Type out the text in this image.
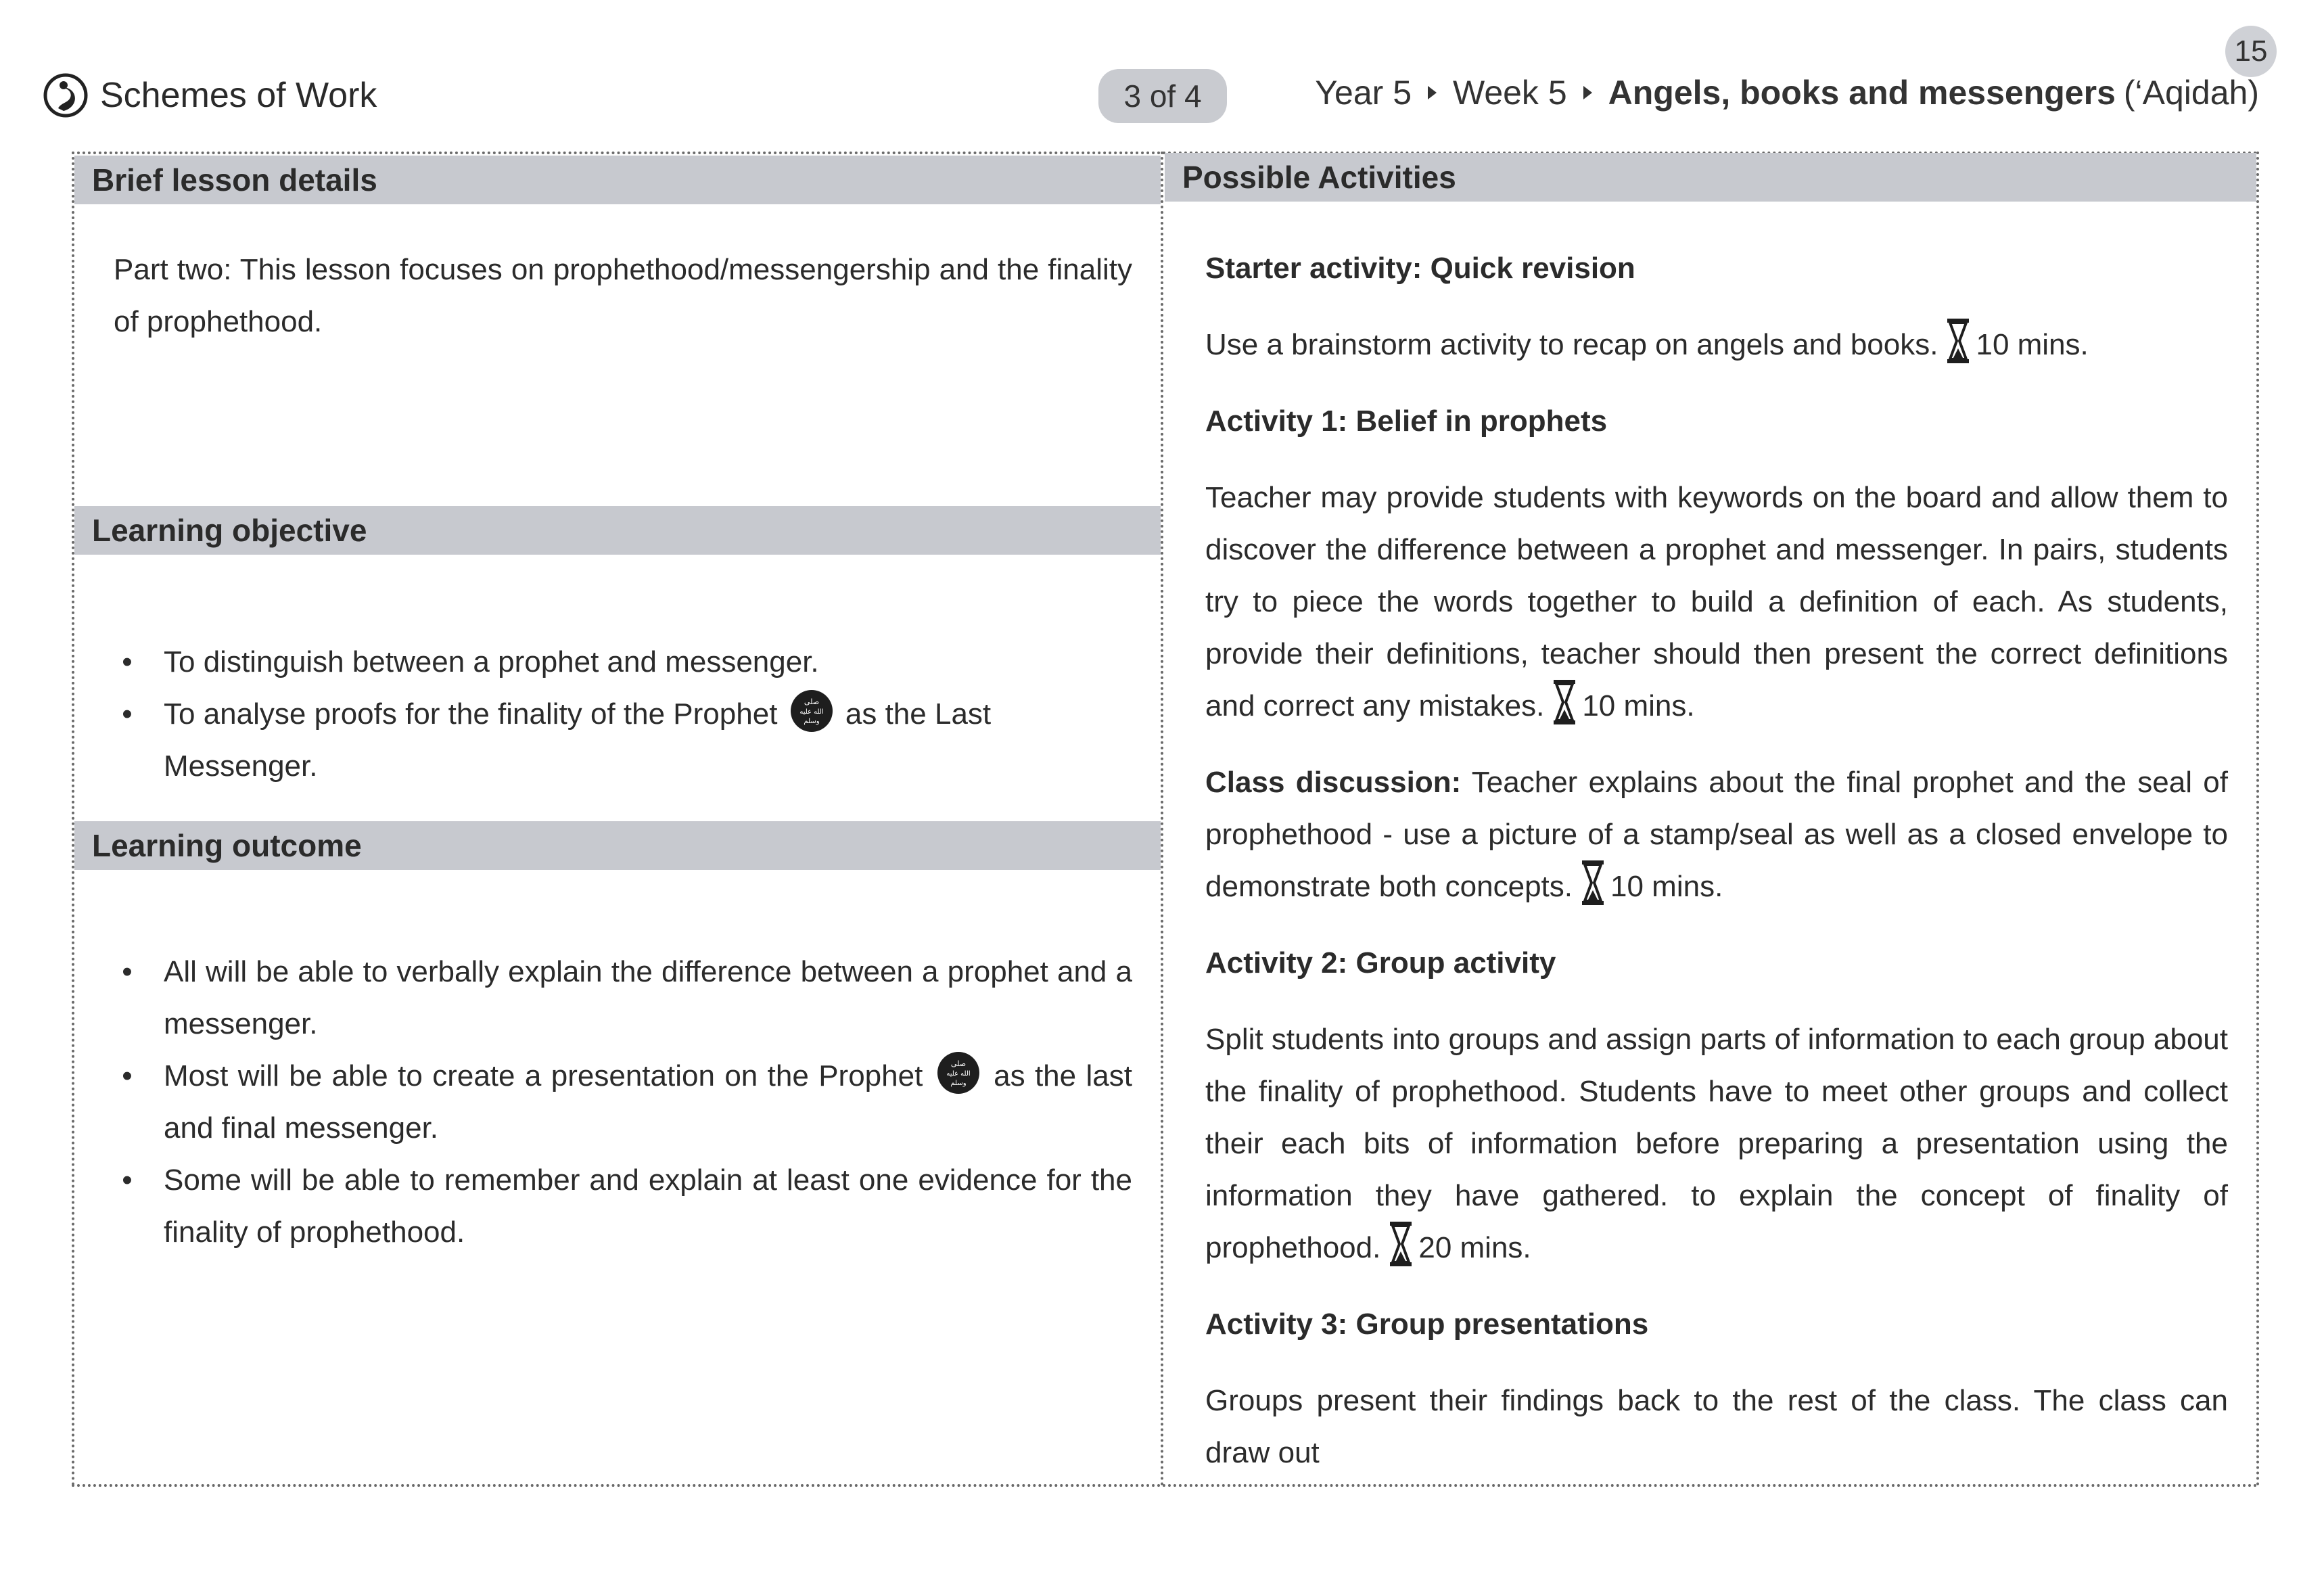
15
Schemes of Work	3 of 4	Year 5 Week 5 Angels, books and messengers (‘Aqidah)
Brief lesson details
Part two: This lesson focuses on prophethood/messengership and the finality of prophethood.
Learning objective
• To distinguish between a prophet and messenger.
• To analyse proofs for the finality of the Prophet	صلى
الله عليه
وسلم as the Last Messenger.
Learning outcome
• All will be able to verbally explain the difference between a prophet and a messenger.
• Most will be able to create a presentation on the Prophet	صلى
الله عليه
وسلم as the last and final messenger.
• Some will be able to remember and explain at least one evidence for the finality of prophethood.
Possible Activities

Starter activity: Quick revision

Use a brainstorm activity to recap on angels and books. 10 mins.

Activity 1: Belief in prophets

Teacher may provide students with keywords on the board and allow them to discover the difference between a prophet and messenger. In pairs, students try to piece the words together to build a definition of each. As students, provide their definitions, teacher should then present the correct definitions and correct any mistakes. 10 mins.

Class discussion: Teacher explains about the final prophet and the seal of prophethood - use a picture of a stamp/seal as well as a closed envelope to demonstrate both concepts. 10 mins.

Activity 2: Group activity

Split students into groups and assign parts of information to each group about the finality of prophethood. Students have to meet other groups and collect their each bits of information before preparing a presentation using the information they have gathered. to explain the concept of finality of prophethood. 20 mins.

Activity 3: Group presentations

Groups present their findings back to the rest of the class. The class can draw out
